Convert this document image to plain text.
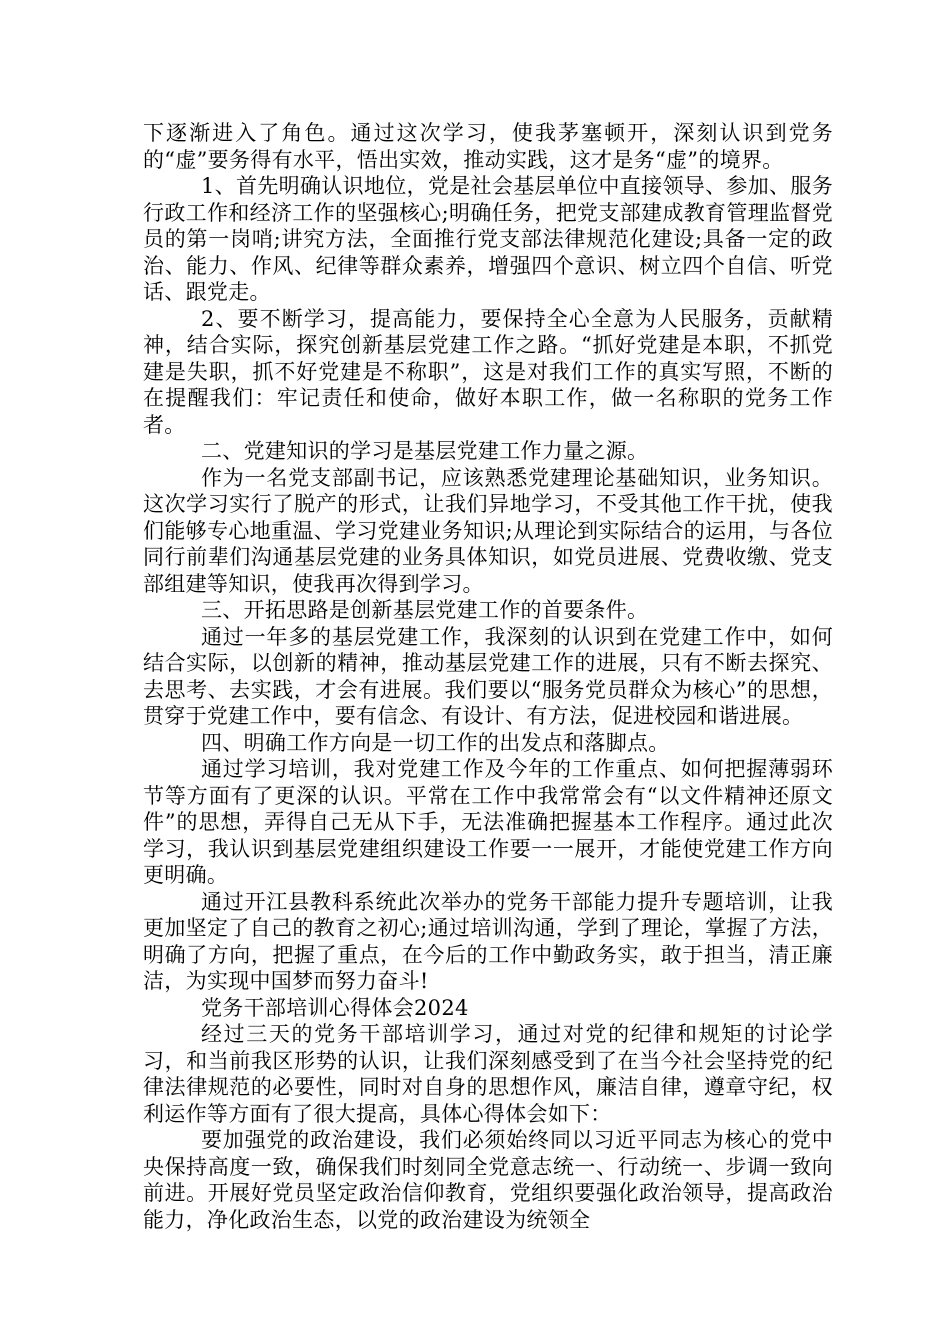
下逐渐进入了角色。通过这次学习，使我茅塞顿开，深刻认识到党务的“虚”要务得有水平，悟出实效，推动实践，这才是务“虚”的境界。

1、首先明确认识地位，党是社会基层单位中直接领导、参加、服务行政工作和经济工作的坚强核心;明确任务，把党支部建成教育管理监督党员的第一岗哨;讲究方法，全面推行党支部法律规范化建设;具备一定的政治、能力、作风、纪律等群众素养，增强四个意识、树立四个自信、听党话、跟党走。

2、要不断学习，提高能力，要保持全心全意为人民服务，贡献精神，结合实际，探究创新基层党建工作之路。“抓好党建是本职，不抓党建是失职，抓不好党建是不称职”，这是对我们工作的真实写照，不断的在提醒我们：牢记责任和使命，做好本职工作，做一名称职的党务工作者。

二、党建知识的学习是基层党建工作力量之源。

作为一名党支部副书记，应该熟悉党建理论基础知识，业务知识。这次学习实行了脱产的形式，让我们异地学习，不受其他工作干扰，使我们能够专心地重温、学习党建业务知识;从理论到实际结合的运用，与各位同行前辈们沟通基层党建的业务具体知识，如党员进展、党费收缴、党支部组建等知识，使我再次得到学习。

三、开拓思路是创新基层党建工作的首要条件。

通过一年多的基层党建工作，我深刻的认识到在党建工作中，如何结合实际，以创新的精神，推动基层党建工作的进展，只有不断去探究、去思考、去实践，才会有进展。我们要以“服务党员群众为核心”的思想，贯穿于党建工作中，要有信念、有设计、有方法，促进校园和谐进展。

四、明确工作方向是一切工作的出发点和落脚点。

通过学习培训，我对党建工作及今年的工作重点、如何把握薄弱环节等方面有了更深的认识。平常在工作中我常常会有“以文件精神还原文件”的思想，弄得自己无从下手，无法准确把握基本工作程序。通过此次学习，我认识到基层党建组织建设工作要一一展开，才能使党建工作方向更明确。

通过开江县教科系统此次举办的党务干部能力提升专题培训，让我更加坚定了自己的教育之初心;通过培训沟通，学到了理论，掌握了方法，明确了方向，把握了重点，在今后的工作中勤政务实，敢于担当，清正廉洁，为实现中国梦而努力奋斗!

党务干部培训心得体会2024

经过三天的党务干部培训学习，通过对党的纪律和规矩的讨论学习，和当前我区形势的认识，让我们深刻感受到了在当今社会坚持党的纪律法律规范的必要性，同时对自身的思想作风，廉洁自律，遵章守纪，权利运作等方面有了很大提高，具体心得体会如下：

要加强党的政治建设，我们必须始终同以习近平同志为核心的党中央保持高度一致，确保我们时刻同全党意志统一、行动统一、步调一致向前进。开展好党员坚定政治信仰教育，党组织要强化政治领导，提高政治能力，净化政治生态，以党的政治建设为统领全
